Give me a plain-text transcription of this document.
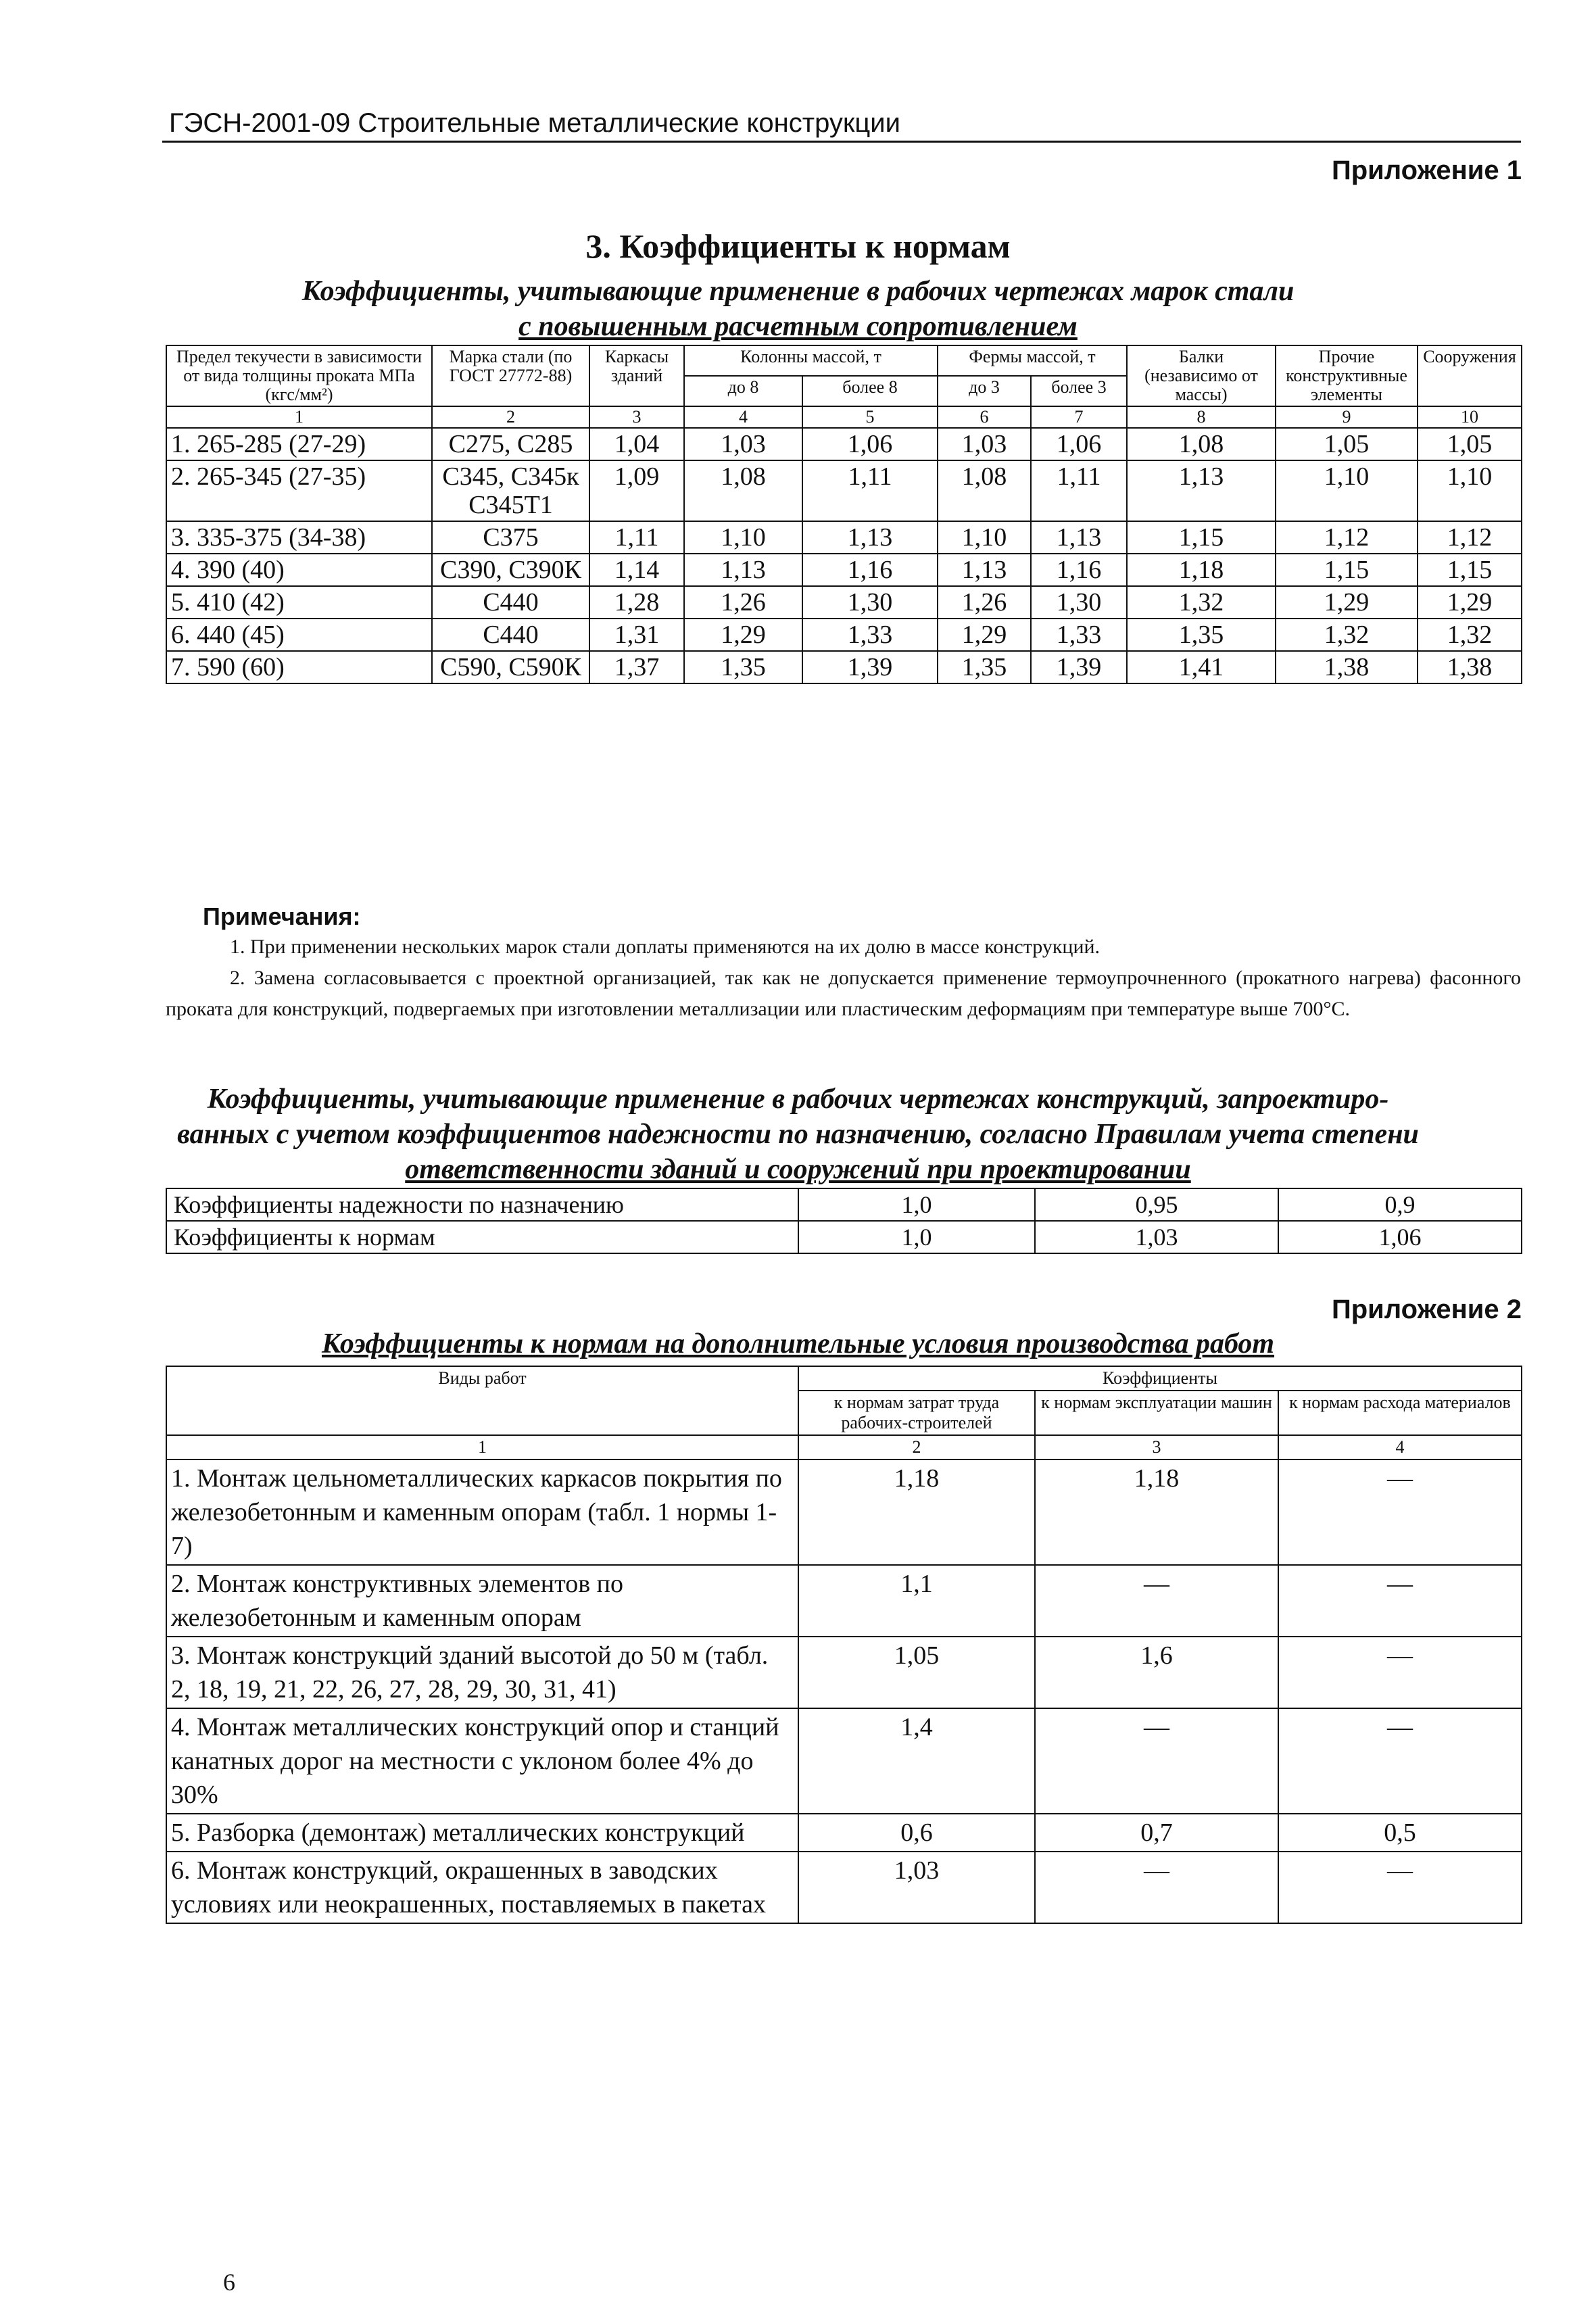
ГЭСН-2001-09 Строительные металлические конструкции
Приложение 1
3. Коэффициенты к нормам
Коэффициенты, учитывающие применение в рабочих чертежах марок стали
с повышенным расчетным сопротивлением
Предел текучести в зависимости от вида толщины проката МПа (кгс/мм²)	Марка стали (по ГОСТ 27772-88)	Каркасы зданий	Колонны массой, т		Фермы массой, т		Балки (независимо от массы)	Прочие конструктивные элементы	Сооружения
			до 8	более 8	до 3	более 3			
1	2	3	4	5	6	7	8	9	10
1. 265-285 (27-29)	С275, С285	1,04	1,03	1,06	1,03	1,06	1,08	1,05	1,05
2. 265-345 (27-35)	С345, С345к С345Т1	1,09	1,08	1,11	1,08	1,11	1,13	1,10	1,10
3. 335-375 (34-38)	С375	1,11	1,10	1,13	1,10	1,13	1,15	1,12	1,12
4. 390 (40)	С390, С390К	1,14	1,13	1,16	1,13	1,16	1,18	1,15	1,15
5. 410 (42)	С440	1,28	1,26	1,30	1,26	1,30	1,32	1,29	1,29
6. 440 (45)	С440	1,31	1,29	1,33	1,29	1,33	1,35	1,32	1,32
7. 590 (60)	С590, С590К	1,37	1,35	1,39	1,35	1,39	1,41	1,38	1,38
Примечания:
1. При применении нескольких марок стали доплаты применяются на их долю в массе конструкций.
2. Замена согласовывается с проектной организацией, так как не допускается применение термоупрочненного (прокатного нагрева) фасонного проката для конструкций, подвергаемых при изготовлении металлизации или пластическим деформациям при температуре выше 700°С.
Коэффициенты, учитывающие применение в рабочих чертежах конструкций, запроектиро-
ванных с учетом коэффициентов надежности по назначению, согласно Правилам учета степени
ответственности зданий и сооружений при проектировании
Коэффициенты надежности по назначению	1,0	0,95	0,9
Коэффициенты к нормам	1,0	1,03	1,06
Приложение 2
Коэффициенты к нормам на дополнительные условия производства работ
Виды работ	Коэффициенты		
	к нормам затрат труда рабочих-строителей	к нормам эксплуатации машин	к нормам расхода материалов
1	2	3	4
1. Монтаж цельнометаллических каркасов покрытия по железобетонным и каменным опорам (табл. 1 нормы 1-7)	1,18	1,18	—
2. Монтаж конструктивных элементов по железобетонным и каменным опорам	1,1	—	—
3. Монтаж конструкций зданий высотой до 50 м (табл. 2, 18, 19, 21, 22, 26, 27, 28, 29, 30, 31, 41)	1,05	1,6	—
4. Монтаж металлических конструкций опор и станций канатных дорог на местности с уклоном более 4% до 30%	1,4	—	—
5. Разборка (демонтаж) металлических конструкций	0,6	0,7	0,5
6. Монтаж конструкций, окрашенных в заводских условиях или неокрашенных, поставляемых в пакетах	1,03	—	—
6
